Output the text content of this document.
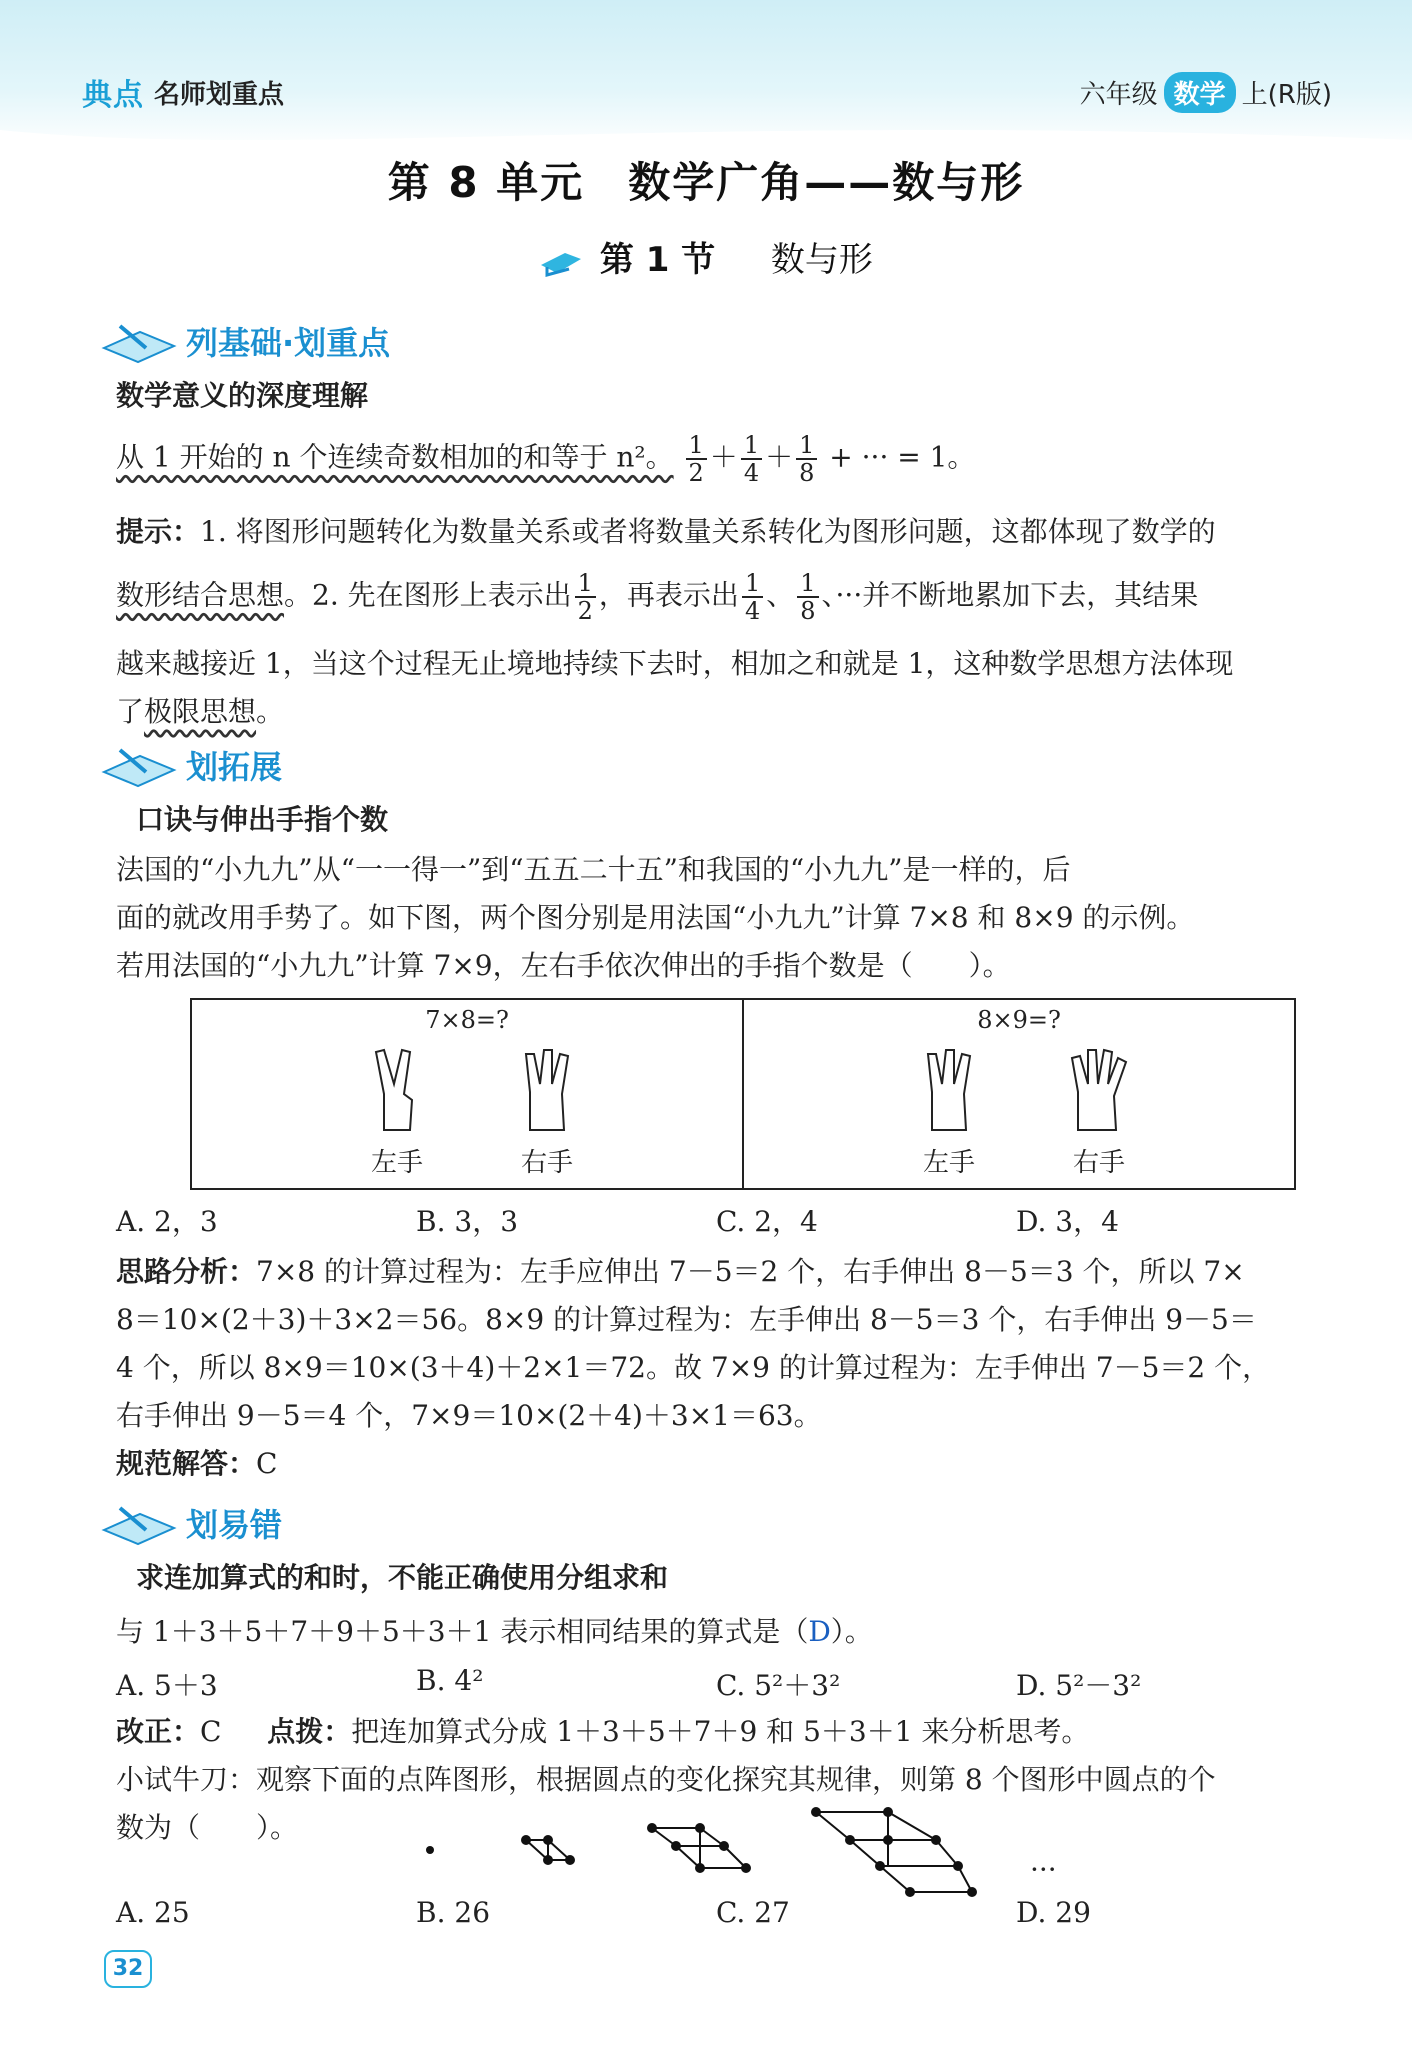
典点 名师划重点	六年级 数学 上(R版)
第 8 单元　数学广角——数与形
第 1 节 　 数与形
列基础·划重点
数学意义的深度理解
从 1 开始的 n 个连续奇数相加的和等于 n²。 $\frac{1}{2} + \frac{1}{4} + \frac{1}{8}$ + ··· = 1。
提示：1. 将图形问题转化为数量关系或者将数量关系转化为图形问题，这都体现了数学的
数形结合思想。2. 先在图形上表示出 $\frac{1}{2}$ ，再表示出 $\frac{1}{4}$ 、 $\frac{1}{8}$ 、···并不断地累加下去，其结果
越来越接近 1，当这个过程无止境地持续下去时，相加之和就是 1，这种数学思想方法体现
了极限思想。
划拓展
口诀与伸出手指个数
法国的“小九九”从“一一得一”到“五五二十五”和我国的“小九九”是一样的，后
面的就改用手势了。如下图，两个图分别是用法国“小九九”计算 7×8 和 8×9 的示例。
若用法国的“小九九”计算 7×9，左右手依次伸出的手指个数是（　　）。
7×8=?
左手	右手
8×9=?
左手	右手
A. 2，3	B. 3，3	C. 2，4	D. 3，4
思路分析：7×8 的计算过程为：左手应伸出 7－5＝2 个，右手伸出 8－5＝3 个，所以 7×
8＝10×(2＋3)＋3×2＝56。8×9 的计算过程为：左手伸出 8－5＝3 个，右手伸出 9－5＝
4 个，所以 8×9＝10×(3＋4)＋2×1＝72。故 7×9 的计算过程为：左手伸出 7－5＝2 个，
右手伸出 9－5＝4 个，7×9＝10×(2＋4)＋3×1＝63。
规范解答：C
划易错
求连加算式的和时，不能正确使用分组求和
与 1＋3＋5＋7＋9＋5＋3＋1 表示相同结果的算式是（D）。
A. 5＋3	B. 4²	C. 5²＋3²	D. 5²－3²
改正：C 　 点拨：把连加算式分成 1＋3＋5＋7＋9 和 5＋3＋1 来分析思考。
小试牛刀：观察下面的点阵图形，根据圆点的变化探究其规律，则第 8 个图形中圆点的个
数为（　　）。
···
A. 25	B. 26	C. 27	D. 29
32
